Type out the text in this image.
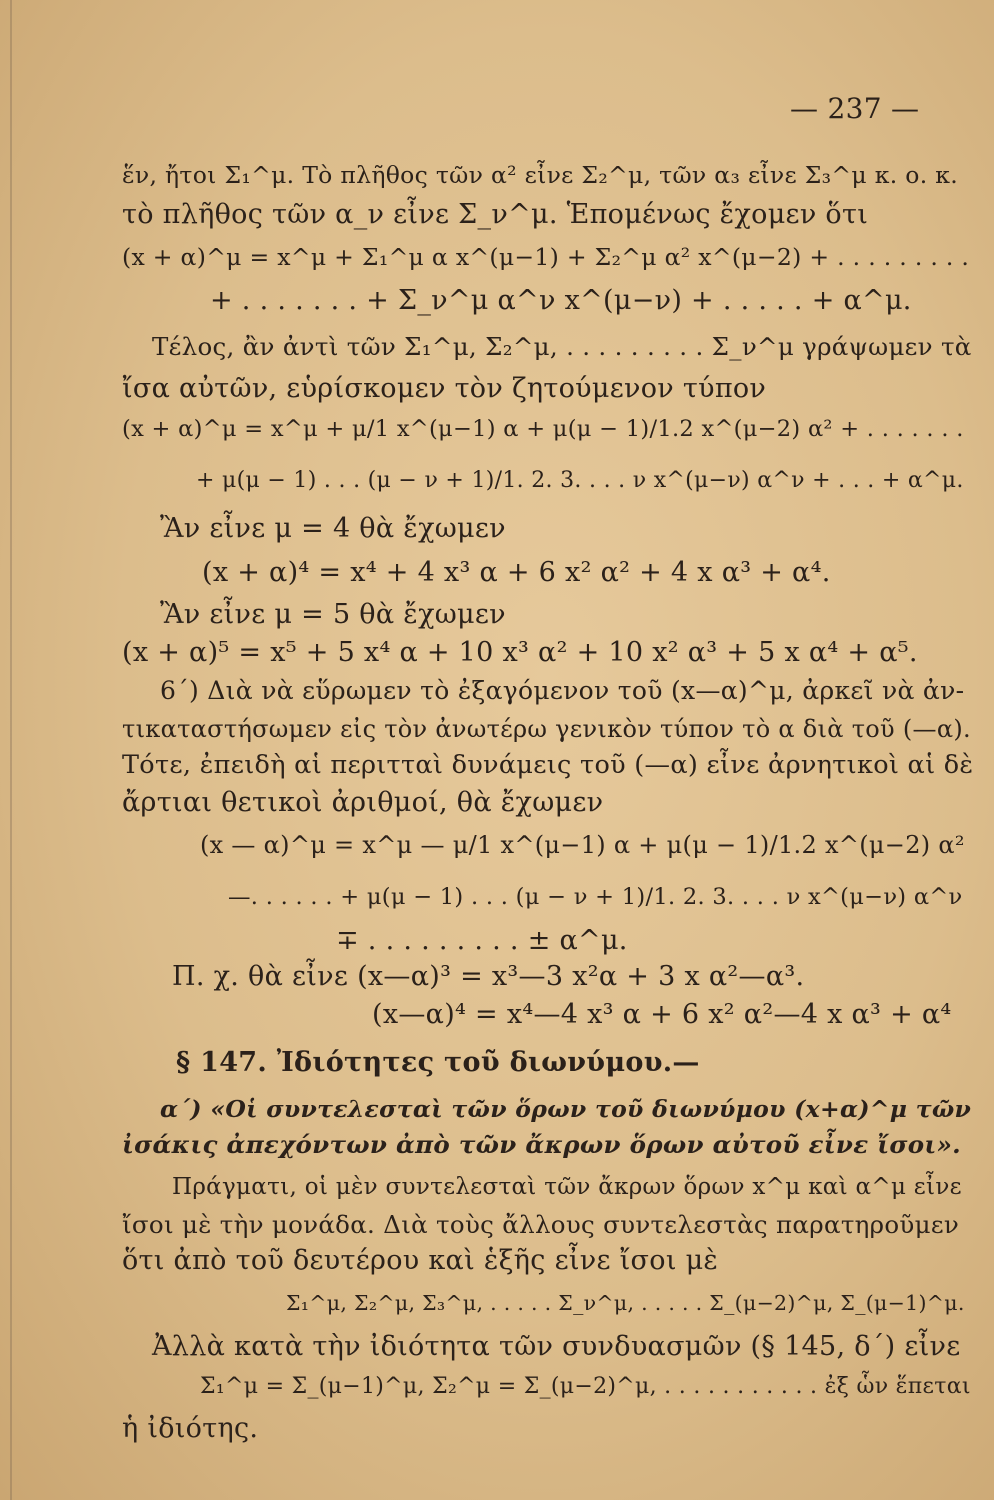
— 237 —
ἕν, ἤτοι Σ₁^μ. Τὸ πλῆθος τῶν α² εἶνε Σ₂^μ, τῶν α₃ εἶνε Σ₃^μ κ. ο. κ.
τὸ πλῆθος τῶν α_ν εἶνε Σ_ν^μ. Ἑπομένως ἔχομεν ὅτι
(x + α)^μ = x^μ + Σ₁^μ α x^(μ−1) + Σ₂^μ α² x^(μ−2) + . . . . . . . . .
+ . . . . . . . + Σ_ν^μ α^ν x^(μ−ν) + . . . . . + α^μ.
Τέλος, ἂν ἀντὶ τῶν Σ₁^μ, Σ₂^μ, . . . . . . . . . Σ_ν^μ γράψωμεν τὰ
ἴσα αὐτῶν, εὑρίσκομεν τὸν ζητούμενον τύπον
(x + α)^μ = x^μ + μ/1 x^(μ−1) α + μ(μ − 1)/1.2 x^(μ−2) α² + . . . . . . .
+ μ(μ − 1) . . . (μ − ν + 1)/1. 2. 3. . . . ν x^(μ−ν) α^ν + . . . + α^μ.
Ἂν εἶνε μ = 4 θὰ ἔχωμεν
(x + α)⁴ = x⁴ + 4 x³ α + 6 x² α² + 4 x α³ + α⁴.
Ἂν εἶνε μ = 5 θὰ ἔχωμεν
(x + α)⁵ = x⁵ + 5 x⁴ α + 10 x³ α² + 10 x² α³ + 5 x α⁴ + α⁵.
6΄) Διὰ νὰ εὕρωμεν τὸ ἐξαγόμενον τοῦ (x—α)^μ, ἀρκεῖ νὰ ἀν-
τικαταστήσωμεν εἰς τὸν ἀνωτέρω γενικὸν τύπον τὸ α διὰ τοῦ (—α).
Τότε, ἐπειδὴ αἱ περιτταὶ δυνάμεις τοῦ (—α) εἶνε ἀρνητικοὶ αἱ δὲ
ἄρτιαι θετικοὶ ἀριθμοί, θὰ ἔχωμεν
(x — α)^μ = x^μ — μ/1 x^(μ−1) α + μ(μ − 1)/1.2 x^(μ−2) α²
—. . . . . . + μ(μ − 1) . . . (μ − ν + 1)/1. 2. 3. . . . ν x^(μ−ν) α^ν
∓ . . . . . . . . . ± α^μ.
Π. χ. θὰ εἶνε (x—α)³ = x³—3 x²α + 3 x α²—α³.
(x—α)⁴ = x⁴—4 x³ α + 6 x² α²—4 x α³ + α⁴
§ 147. Ἰδιότητες τοῦ διωνύμου.—
α΄) «Οἱ συντελεσταὶ τῶν ὅρων τοῦ διωνύμου (x+α)^μ τῶν
ἰσάκις ἀπεχόντων ἀπὸ τῶν ἄκρων ὅρων αὐτοῦ εἶνε ἴσοι».
Πράγματι, οἱ μὲν συντελεσταὶ τῶν ἄκρων ὅρων x^μ καὶ α^μ εἶνε
ἴσοι μὲ τὴν μονάδα. Διὰ τοὺς ἄλλους συντελεστὰς παρατηροῦμεν
ὅτι ἀπὸ τοῦ δευτέρου καὶ ἑξῆς εἶνε ἴσοι μὲ
Σ₁^μ, Σ₂^μ, Σ₃^μ, . . . . . Σ_ν^μ, . . . . . Σ_(μ−2)^μ, Σ_(μ−1)^μ.
Ἀλλὰ κατὰ τὴν ἰδιότητα τῶν συνδυασμῶν (§ 145, δ΄) εἶνε
Σ₁^μ = Σ_(μ−1)^μ, Σ₂^μ = Σ_(μ−2)^μ, . . . . . . . . . . . ἐξ ὧν ἕπεται
ἡ ἰδιότης.
